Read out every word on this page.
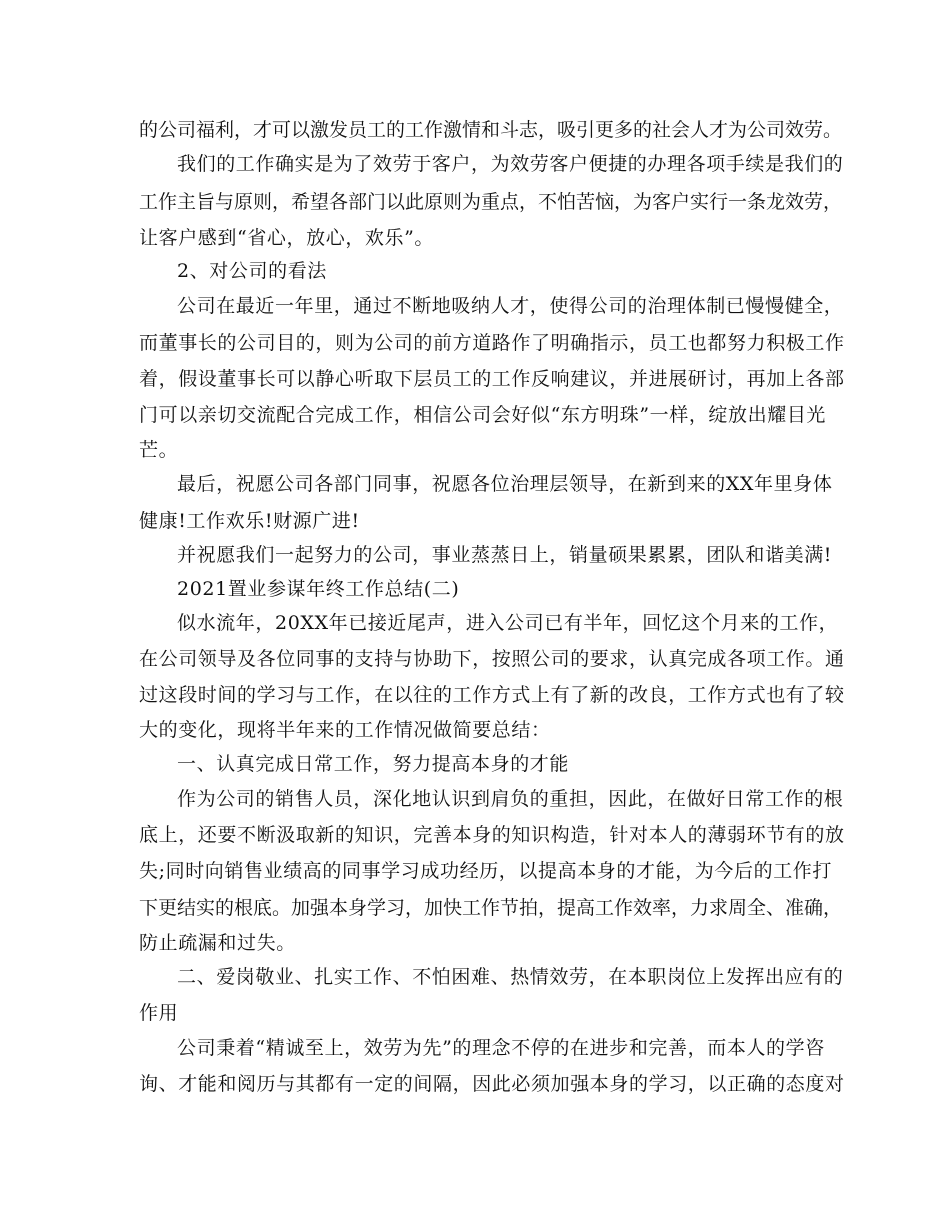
的公司福利，才可以激发员工的工作激情和斗志，吸引更多的社会人才为公司效劳。
我们的工作确实是为了效劳于客户，为效劳客户便捷的办理各项手续是我们的
工作主旨与原则，希望各部门以此原则为重点，不怕苦恼，为客户实行一条龙效劳，
让客户感到“省心，放心，欢乐”。
2、对公司的看法
公司在最近一年里，通过不断地吸纳人才，使得公司的治理体制已慢慢健全，
而董事长的公司目的，则为公司的前方道路作了明确指示，员工也都努力积极工作
着，假设董事长可以静心听取下层员工的工作反响建议，并进展研讨，再加上各部
门可以亲切交流配合完成工作，相信公司会好似“东方明珠”一样，绽放出耀目光
芒。
最后，祝愿公司各部门同事，祝愿各位治理层领导，在新到来的XX年里身体
健康!工作欢乐!财源广进!
并祝愿我们一起努力的公司，事业蒸蒸日上，销量硕果累累，团队和谐美满!
2021置业参谋年终工作总结(二)
似水流年，20XX年已接近尾声，进入公司已有半年，回忆这个月来的工作，
在公司领导及各位同事的支持与协助下，按照公司的要求，认真完成各项工作。通
过这段时间的学习与工作，在以往的工作方式上有了新的改良，工作方式也有了较
大的变化，现将半年来的工作情况做简要总结：
一、认真完成日常工作，努力提高本身的才能
作为公司的销售人员，深化地认识到肩负的重担，因此，在做好日常工作的根
底上，还要不断汲取新的知识，完善本身的知识构造，针对本人的薄弱环节有的放
失;同时向销售业绩高的同事学习成功经历，以提高本身的才能，为今后的工作打
下更结实的根底。加强本身学习，加快工作节拍，提高工作效率，力求周全、准确，
防止疏漏和过失。
二、爱岗敬业、扎实工作、不怕困难、热情效劳，在本职岗位上发挥出应有的
作用
公司秉着“精诚至上，效劳为先”的理念不停的在进步和完善，而本人的学咨
询、才能和阅历与其都有一定的间隔，因此必须加强本身的学习，以正确的态度对
